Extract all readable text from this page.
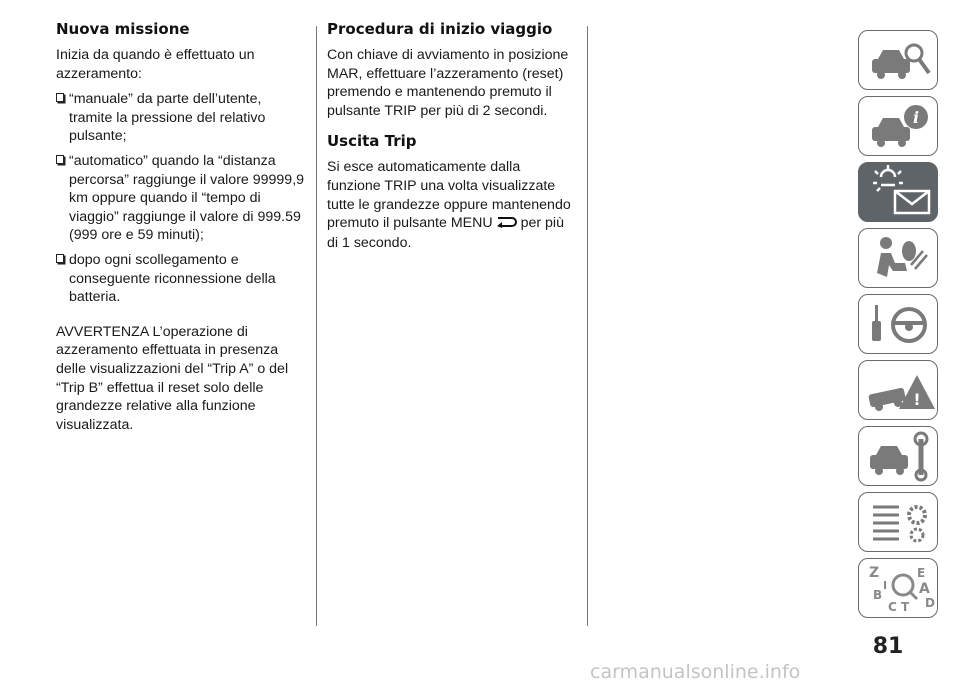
Nuova missione

Inizia da quando è effettuato un azzeramento:

“manuale” da parte dell’utente, tramite la pressione del relativo pulsante;
“automatico” quando la “distanza percorsa” raggiunge il valore 99999,9 km oppure quando il “tempo di viaggio” raggiunge il valore di 999.59 (999 ore e 59 minuti);
dopo ogni scollegamento e conseguente riconnessione della batteria.

AVVERTENZA L’operazione di azzeramento effettuata in presenza delle visualizzazioni del “Trip A” o del “Trip B” effettua il reset solo delle grandezze relative alla funzione visualizzata.

Procedura di inizio viaggio

Con chiave di avviamento in posizione MAR, effettuare l’azzeramento (reset) premendo e mantenendo premuto il pulsante TRIP per più di 2 secondi.

Uscita Trip

Si esce automaticamente dalla funzione TRIP una volta visualizzate tutte le grandezze oppure mantenendo premuto il pulsante MENU per più di 1 secondo.

i
!
Z
B
C T
E
A
D
I
81
carmanualsonline.info
